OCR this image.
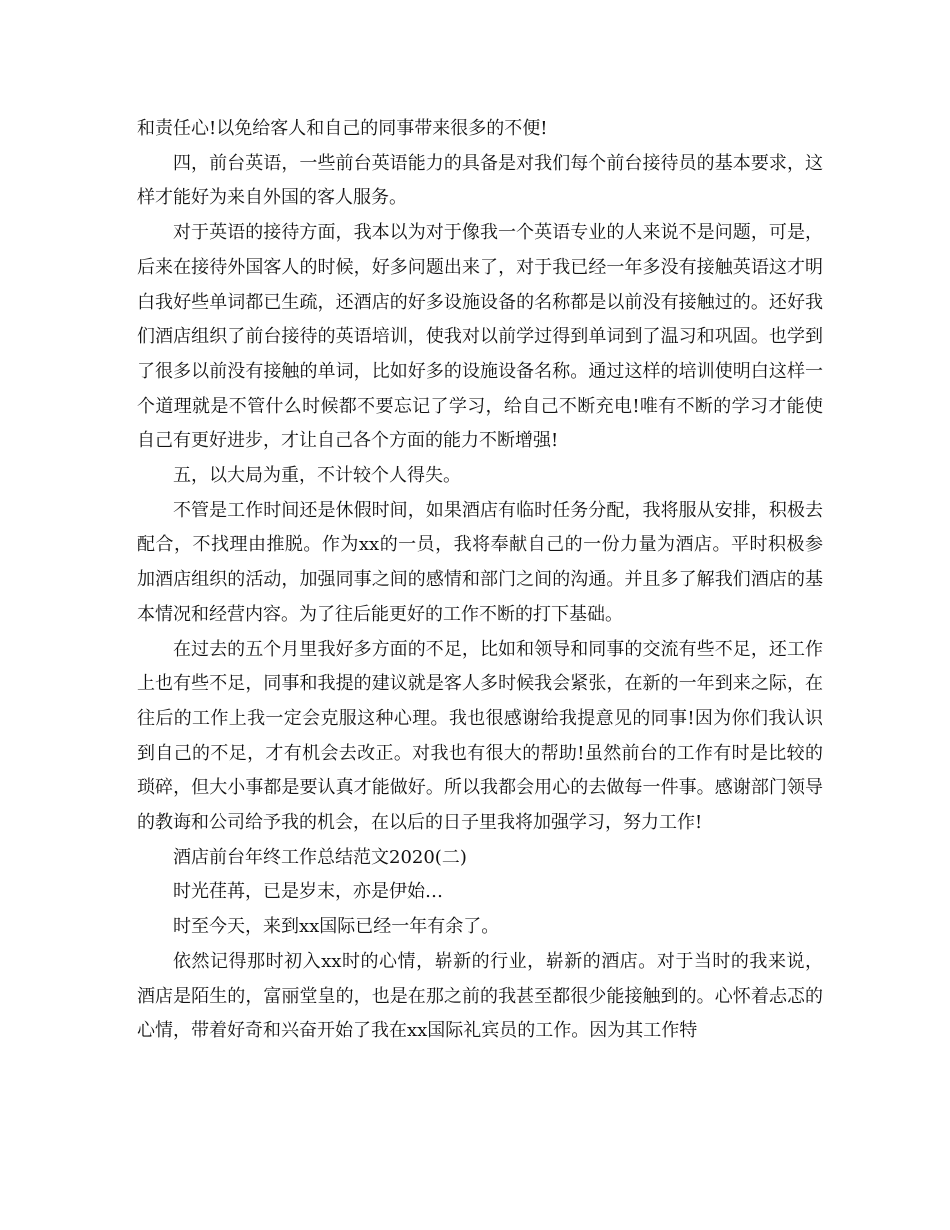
和责任心!以免给客人和自己的同事带来很多的不便!

四，前台英语，一些前台英语能力的具备是对我们每个前台接待员的基本要求，这样才能好为来自外国的客人服务。

对于英语的接待方面，我本以为对于像我一个英语专业的人来说不是问题，可是，后来在接待外国客人的时候，好多问题出来了，对于我已经一年多没有接触英语这才明白我好些单词都已生疏，还酒店的好多设施设备的名称都是以前没有接触过的。还好我们酒店组织了前台接待的英语培训，使我对以前学过得到单词到了温习和巩固。也学到了很多以前没有接触的单词，比如好多的设施设备名称。通过这样的培训使明白这样一个道理就是不管什么时候都不要忘记了学习，给自己不断充电!唯有不断的学习才能使自己有更好进步，才让自己各个方面的能力不断增强!

五，以大局为重，不计较个人得失。

不管是工作时间还是休假时间，如果酒店有临时任务分配，我将服从安排，积极去配合，不找理由推脱。作为xx的一员，我将奉献自己的一份力量为酒店。平时积极参加酒店组织的活动，加强同事之间的感情和部门之间的沟通。并且多了解我们酒店的基本情况和经营内容。为了往后能更好的工作不断的打下基础。

在过去的五个月里我好多方面的不足，比如和领导和同事的交流有些不足，还工作上也有些不足，同事和我提的建议就是客人多时候我会紧张，在新的一年到来之际，在往后的工作上我一定会克服这种心理。我也很感谢给我提意见的同事!因为你们我认识到自己的不足，才有机会去改正。对我也有很大的帮助!虽然前台的工作有时是比较的琐碎，但大小事都是要认真才能做好。所以我都会用心的去做每一件事。感谢部门领导的教诲和公司给予我的机会，在以后的日子里我将加强学习，努力工作!

酒店前台年终工作总结范文2020(二)

时光荏苒，已是岁末，亦是伊始…

时至今天，来到xx国际已经一年有余了。

依然记得那时初入xx时的心情，崭新的行业，崭新的酒店。对于当时的我来说，酒店是陌生的，富丽堂皇的，也是在那之前的我甚至都很少能接触到的。心怀着忐忑的心情，带着好奇和兴奋开始了我在xx国际礼宾员的工作。因为其工作特
